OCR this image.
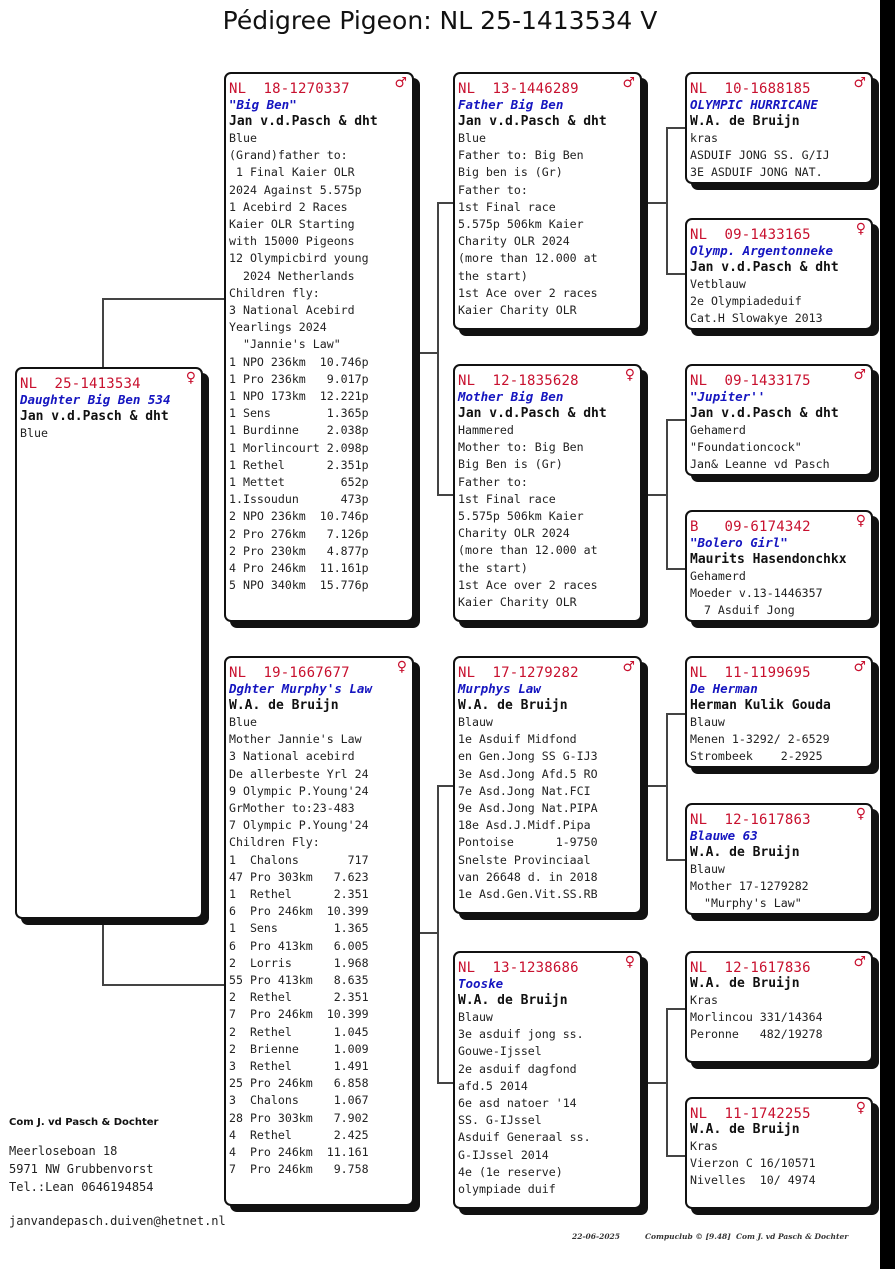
Pédigree Pigeon: NL 25-1413534 V
NL  25-1413534	♀
Daughter Big Ben 534
Jan v.d.Pasch & dht
Blue
NL  18-1270337	♂
"Big Ben"
Jan v.d.Pasch & dht
Blue
(Grand)father to:
1 Final Kaier OLR
2024 Against 5.575p
1 Acebird 2 Races
Kaier OLR Starting
with 15000 Pigeons
12 Olympicbird young
2024 Netherlands
Children fly:
3 National Acebird
Yearlings 2024
"Jannie's Law"
1 NPO 236km  10.746p
1 Pro 236km   9.017p
1 NPO 173km  12.221p
1 Sens        1.365p
1 Burdinne    2.038p
1 Morlincourt 2.098p
1 Rethel      2.351p
1 Mettet        652p
1.Issoudun      473p
2 NPO 236km  10.746p
2 Pro 276km   7.126p
2 Pro 230km   4.877p
4 Pro 246km  11.161p
5 NPO 340km  15.776p
NL  19-1667677	♀
Dghter Murphy's Law
W.A. de Bruijn
Blue
Mother Jannie's Law
3 National acebird
De allerbeste Yrl 24
9 Olympic P.Young'24
GrMother to:23-483
7 Olympic P.Young'24
Children Fly:
1  Chalons       717
47 Pro 303km   7.623
1  Rethel      2.351
6  Pro 246km  10.399
1  Sens        1.365
6  Pro 413km   6.005
2  Lorris      1.968
55 Pro 413km   8.635
2  Rethel      2.351
7  Pro 246km  10.399
2  Rethel      1.045
2  Brienne     1.009
3  Rethel      1.491
25 Pro 246km   6.858
3  Chalons     1.067
28 Pro 303km   7.902
4  Rethel      2.425
4  Pro 246km  11.161
7  Pro 246km   9.758
NL  13-1446289	♂
Father Big Ben
Jan v.d.Pasch & dht
Blue
Father to: Big Ben
Big ben is (Gr)
Father to:
1st Final race
5.575p 506km Kaier
Charity OLR 2024
(more than 12.000 at
the start)
1st Ace over 2 races
Kaier Charity OLR
NL  12-1835628	♀
Mother Big Ben
Jan v.d.Pasch & dht
Hammered
Mother to: Big Ben
Big Ben is (Gr)
Father to:
1st Final race
5.575p 506km Kaier
Charity OLR 2024
(more than 12.000 at
the start)
1st Ace over 2 races
Kaier Charity OLR
NL  17-1279282	♂
Murphys Law
W.A. de Bruijn
Blauw
1e Asduif Midfond
en Gen.Jong SS G-IJ3
3e Asd.Jong Afd.5 RO
7e Asd.Jong Nat.FCI
9e Asd.Jong Nat.PIPA
18e Asd.J.Midf.Pipa
Pontoise      1-9750
Snelste Provinciaal
van 26648 d. in 2018
1e Asd.Gen.Vit.SS.RB
NL  13-1238686	♀
Tooske
W.A. de Bruijn
Blauw
3e asduif jong ss.
Gouwe-Ijssel
2e asduif dagfond
afd.5 2014
6e asd natoer '14
SS. G-IJssel
Asduif Generaal ss.
G-IJssel 2014
4e (1e reserve)
olympiade duif
NL  10-1688185	♂
OLYMPIC HURRICANE
W.A. de Bruijn
kras
ASDUIF JONG SS. G/IJ
3E ASDUIF JONG NAT.
NL  09-1433165	♀
Olymp. Argentonneke
Jan v.d.Pasch & dht
Vetblauw
2e Olympiadeduif
Cat.H Slowakye 2013
NL  09-1433175	♂
"Jupiter''
Jan v.d.Pasch & dht
Gehamerd
"Foundationcock"
Jan& Leanne vd Pasch
B   09-6174342	♀
"Bolero Girl"
Maurits Hasendonchkx
Gehamerd
Moeder v.13-1446357
7 Asduif Jong
NL  11-1199695	♂
De Herman
Herman Kulik Gouda
Blauw
Menen 1-3292/ 2-6529
Strombeek    2-2925
NL  12-1617863	♀
Blauwe 63
W.A. de Bruijn
Blauw
Mother 17-1279282
"Murphy's Law"
NL  12-1617836	♂
W.A. de Bruijn
Kras
Morlincou 331/14364
Peronne   482/19278
NL  11-1742255	♀
W.A. de Bruijn
Kras
Vierzon C 16/10571
Nivelles  10/ 4974
Com J. vd Pasch & Dochter
Meerloseboan 18
5971 NW Grubbenvorst
Tel.:Lean 0646194854
janvandepasch.duiven@hetnet.nl
22-06-2025	Compuclub © [9.48]  Com J. vd Pasch & Dochter
